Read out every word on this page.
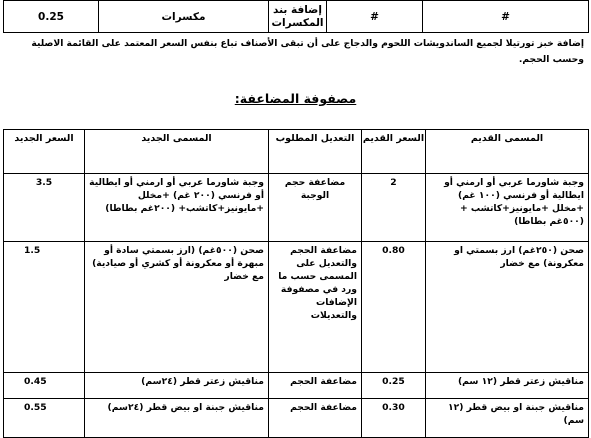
#	#	إضافة بند المكسرات	مكسرات	0.25
إضافة خبز تورتيلا لجميع الساندويشات اللحوم والدجاج على أن تبقى الأصناف تباع بنفس السعر المعتمد على القائمة الاصلية وحسب الحجم.
مصفوفة المضاعفة:
المسمى القديم	السعر القديم	التعديل المطلوب	المسمى الجديد	السعر الجديد
وجبة شاورما عربي أو ارمني أو ايطالية أو فرنسي (١٠٠ غم) +مخلل +مايونيز+كاتشب + (٥٠٠غم بطاطا)	2	مضاعفة حجم الوجبة	وجبة شاورما عربي أو ارمني أو ايطالية أو فرنسي (٢٠٠ غم) +مخلل +مايونيز+كاتشب+ (٢٠٠غم بطاطا)	3.5
صحن (٢٥٠غم) ارز بسمتي او معكرونة) مع خضار	0.80	مضاعفة الحجم والتعديل على المسمى حسب ما ورد في مصفوفة الإضافات والتعديلات	صحن (٥٠٠غم) (ارز بسمتي سادة أو مبهرة أو معكرونة أو كشري أو صيادية) مع خضار	1.5
مناقيش زعتر قطر (١٢ سم)	0.25	مضاعفة الحجم	مناقيش زعتر قطر (٢٤سم)	0.45
مناقيش جبنة او بيض قطر (١٢ سم)	0.30	مضاعفة الحجم	مناقيش جبنة او بيض قطر (٢٤سم)	0.55
